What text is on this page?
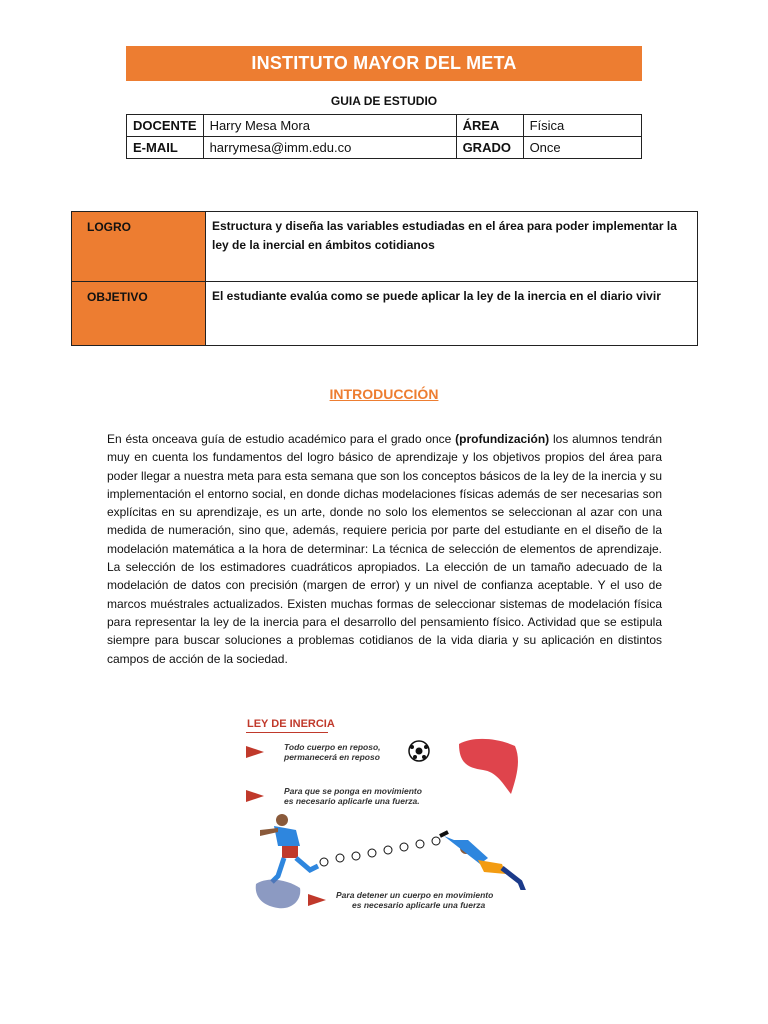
INSTITUTO MAYOR DEL META
GUIA DE ESTUDIO
DOCENTE	Harry Mesa Mora	ÁREA	Física
E-MAIL	harrymesa@imm.edu.co	GRADO	Once
LOGRO	Estructura y diseña las variables estudiadas en el área para poder implementar la ley de la inercial en ámbitos cotidianos
OBJETIVO	El estudiante evalúa como se puede aplicar la ley de la inercia en el diario vivir
INTRODUCCIÓN

En ésta onceava guía de estudio académico para el grado once (profundización) los alumnos tendrán muy en cuenta los fundamentos del logro básico de aprendizaje y los objetivos propios del área para poder llegar a nuestra meta para esta semana que son los conceptos básicos de la ley de la inercia y su implementación el entorno social, en donde dichas modelaciones físicas además de ser necesarias son explícitas en su aprendizaje, es un arte, donde no solo los elementos se seleccionan al azar con una medida de numeración, sino que, además, requiere pericia por parte del estudiante en el diseño de la modelación matemática a la hora de determinar: La técnica de selección de elementos de aprendizaje. La selección de los estimadores cuadráticos apropiados. La elección de un tamaño adecuado de la modelación de datos con precisión (margen de error) y un nivel de confianza aceptable. Y el uso de marcos muéstrales actualizados. Existen muchas formas de seleccionar sistemas de modelación física para representar la ley de la inercia para el desarrollo del pensamiento físico. Actividad que se estipula siempre para buscar soluciones a problemas cotidianos de la vida diaria y su aplicación en distintos campos de acción de la sociedad.

LEY DE INERCIA
Todo cuerpo en reposo,
permanecerá en reposo
Para que se ponga en movimiento
es necesario aplicarle una fuerza.
Para detener un cuerpo en movimiento
es necesario aplicarle una fuerza
